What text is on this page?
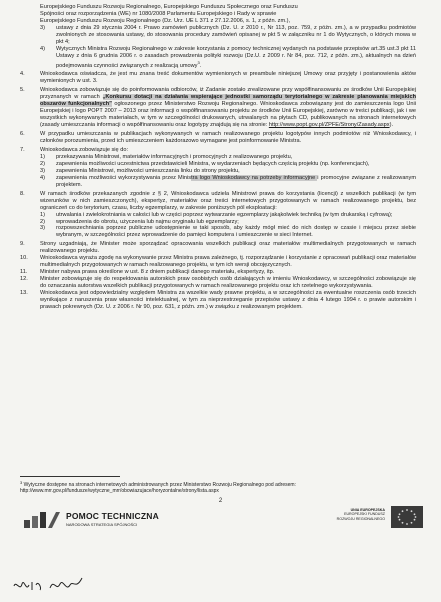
Europejskiego Funduszu Rozwoju Regionalnego, Europejskiego Funduszu Społecznego oraz Funduszu

Spójności oraz rozporządzenia (WE) nr 1080/2008 Parlamentu Europejskiego i Rady w sprawie

Europejskiego Funduszu Rozwoju Regionalnego (Dz. Urz. UE L 371 z 27.12.2006, s. 1, z późn. zm.),

3)	ustawy z dnia 29 stycznia 2004 r. Prawo zamówień publicznych (Dz. U. z 2010 r., Nr 113, poz. 759, z późn. zm.), a w przypadku podmiotów zwolnionych ze stosowania ustawy, do stosowania procedury zamówień opisanej w pkt 5 w załączniku nr 1 do Wytycznych, o których mowa w pkt 4;
4)	Wytycznych Ministra Rozwoju Regionalnego w zakresie korzystania z pomocy technicznej wydanych na podstawie przepisów art.35 ust.3 pkt 11 Ustawy z dnia 6 grudnia 2006 r. o zasadach prowadzenia polityki rozwoju (Dz.U. z 2009 r. Nr 84, poz. 712, z późn. zm.), aktualnych na dzień podejmowania czynności związanych z realizacją umowy$^3$.
4.	Wnioskodawca oświadcza, że jest mu znana treść dokumentów wymienionych w preambule niniejszej Umowy oraz przyjęty i postanowienia aktów wymienionych w ust. 3.
5.	Wnioskodawca zobowiązuje się do poinformowania odbiorców, iż Zadanie zostało zrealizowane przy współfinansowaniu ze środków Unii Europejskiej przyznanych w ramach „Konkursu dotacji na działania wspierające jednostki samorządu terytorialnego w zakresie planowania miejskich obszarów funkcjonalnych” ogłoszonego przez Ministerstwo Rozwoju Regionalnego. Wnioskodawca zobowiązany jest do zamieszczenia logo Unii Europejskiej i logo POPT 2007 – 2013 oraz informacji o współfinansowaniu projektu ze środków Unii Europejskiej, zarówno w treści publikacji, jak i we wszystkich wykonywanych materiałach, w tym w szczególności drukowanych, utrwalanych na płytach CD, publikowanych na stronach internetowych (zasady umieszczania informacji o współfinansowaniu oraz logotypy znajdują się na stronie: http://www.popt.gov.pl/ZPFE/Strony/Zasady.aspx).
6.	W przypadku umieszczania w publikacjach wykonywanych w ramach realizowanego projektu logotypów innych podmiotów niż Wnioskodawcy, i członków porozumienia, przed ich umieszczeniem każdorazowo wymagane jest poinformowanie Ministra.
7.	Wnioskodawca zobowiązuje się do:
1)	przekazywania Ministrowi, materiałów informacyjnych i promocyjnych z realizowanego projektu,
2)	zapewnienia możliwości uczestnictwa przedstawicieli Ministra, w wydarzeniach będących częścią projektu (np. konferencjach),
3)	zapewnienia Ministrowi, możliwości umieszczania linku do strony projektu,
4)	zapewnienia możliwości wykorzystywania przez Ministra logo Wnioskodawcy na potrzeby informacyjne i promocyjne związane z realizowanym projektem.
8.	W ramach środków przekazanych zgodnie z § 2, Wnioskodawca udziela Ministrowi prawa do korzystania (licencji) z wszelkich publikacji (w tym wizerunków w nich zamieszczonych), ekspertyz, materiałów oraz treści internetowych przygotowanych w ramach realizowanego projektu, bez ograniczeń co do terytorium, czasu, liczby egzemplarzy, w zakresie poniższych pól eksploatacji:
1)	utrwalania i zwielokrotniania w całości lub w części poprzez wytwarzanie egzemplarzy jakąkolwiek techniką (w tym drukarską i cyfrową);
2)	wprowadzenia do obrotu, użyczenia lub najmu oryginału lub egzemplarzy;
3)	rozpowszechniania poprzez publiczne udostępnienie w taki sposób, aby każdy mógł mieć do nich dostęp w czasie i miejscu przez siebie wybranym, w szczególności przez wprowadzenie do pamięci komputera i umieszczenie w sieci Internet.
9.	Strony uzgadniają, że Minister może sporządzać opracowania wszelkich publikacji oraz materiałów multimedialnych przygotowanych w ramach realizowanego projektu.
10.	Wnioskodawca wyraża zgodę na wykonywanie przez Ministra prawa zależnego, tj. rozporządzanie i korzystanie z opracowań publikacji oraz materiałów multimedialnych przygotowanych w ramach realizowanego projektu, w tym ich wersji obcojęzycznych.
11.	Minister nabywa prawa określone w ust. 8 z dniem publikacji danego materiału, ekspertyzy, itp.
12.	Minister zobowiązuje się do respektowania autorskich praw osobistych osób działających w imieniu Wnioskodawcy, w szczególności zobowiązuje się do oznaczania autorstwa wszelkich publikacji przygotowanych w ramach realizowanego projektu oraz ich rzetelnego wykorzystywania.
13.	Wnioskodawca jest odpowiedzialny względem Ministra za wszelkie wady prawne projektu, a w szczególności za ewentualne roszczenia osób trzecich wynikające z naruszenia praw własności intelektualnej, w tym za nieprzestrzeganie przepisów ustawy z dnia 4 lutego 1994 r. o prawie autorskim i prawach pokrewnych (Dz. U. z 2006 r. Nr 90, poz. 631, z późn. zm.) w związku z realizowanym projektem.
$^3$ Wytyczne dostępne na stronach internetowych administrowanych przez Ministerstwo Rozwoju Regionalnego pod adresem: http://www.mrr.gov.pl/fundusze/wytyczne_mrr/obowiazujace/horyzontalne/strony/lista.aspx
2
POMOC TECHNICZNA
NARODOWA STRATEGIA SPÓJNOŚCI
UNIA EUROPEJSKA
EUROPEJSKI FUNDUSZ
ROZWOJU REGIONALNEGO
